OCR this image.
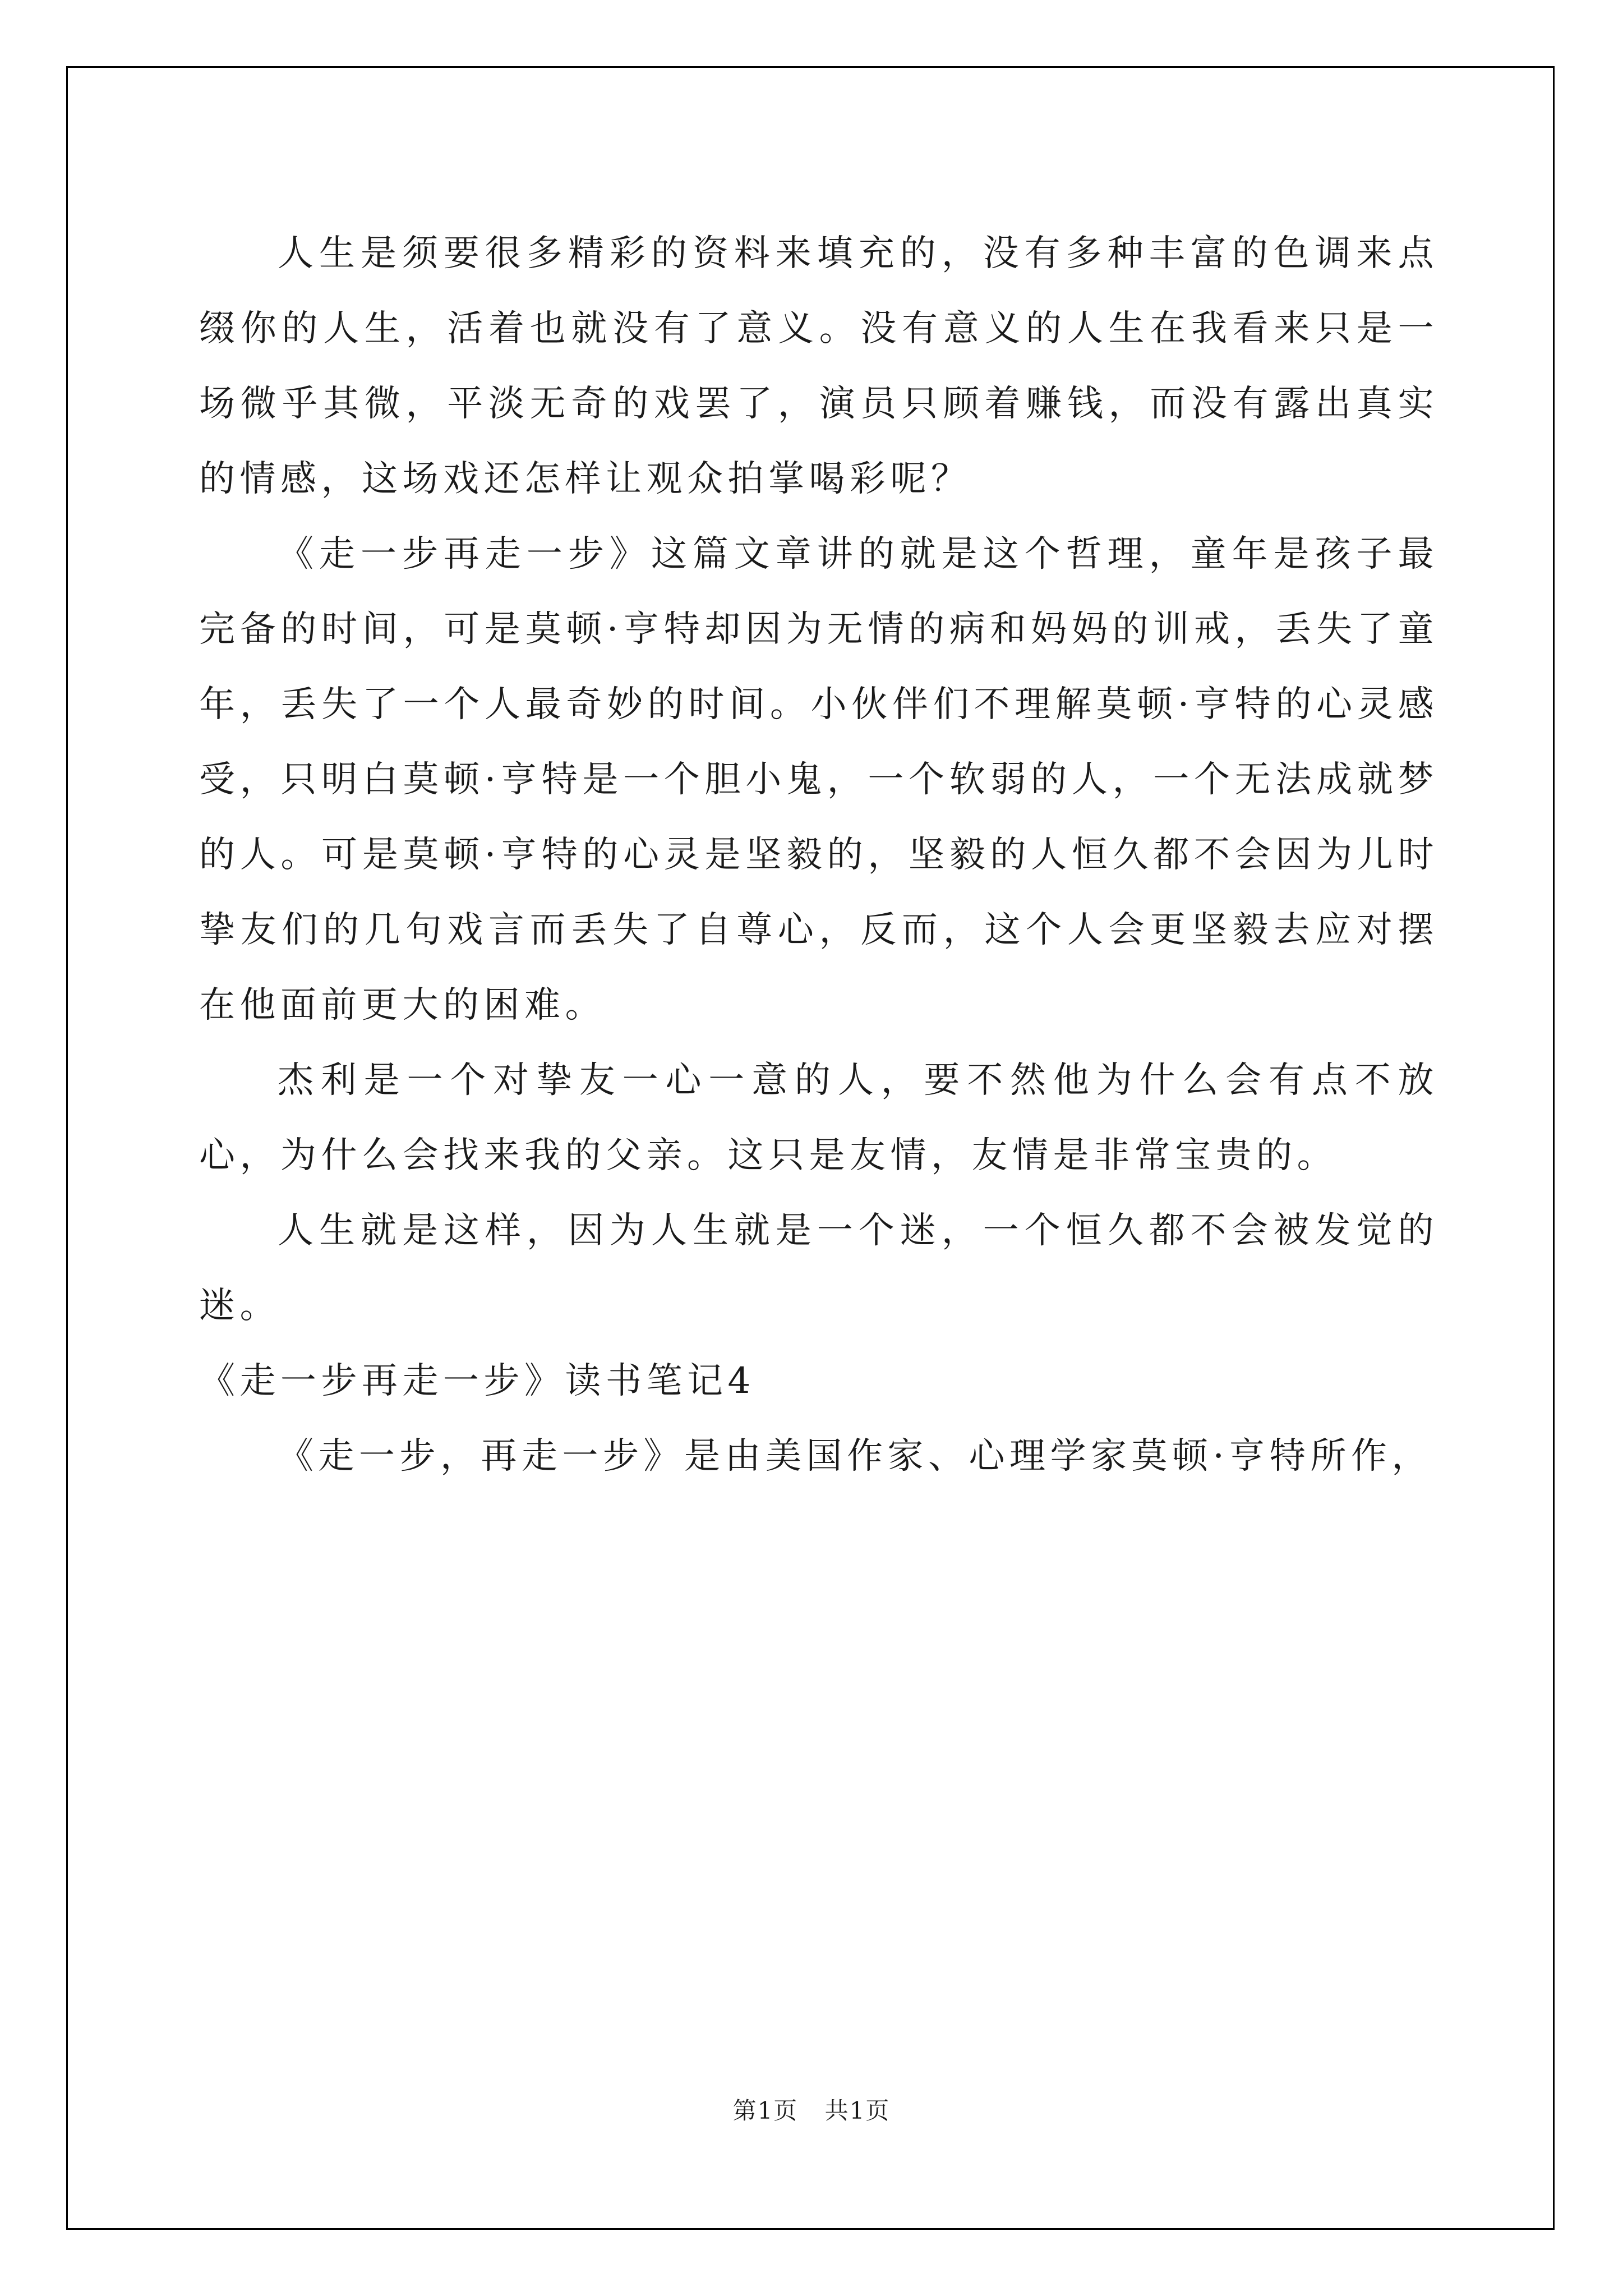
人生是须要很多精彩的资料来填充的，没有多种丰富的色调来点缀你的人生，活着也就没有了意义。没有意义的人生在我看来只是一场微乎其微，平淡无奇的戏罢了，演员只顾着赚钱，而没有露出真实的情感，这场戏还怎样让观众拍掌喝彩呢？

《走一步再走一步》这篇文章讲的就是这个哲理，童年是孩子最完备的时间，可是莫顿·亨特却因为无情的病和妈妈的训戒，丢失了童年，丢失了一个人最奇妙的时间。小伙伴们不理解莫顿·亨特的心灵感受，只明白莫顿·亨特是一个胆小鬼，一个软弱的人，一个无法成就梦的人。可是莫顿·亨特的心灵是坚毅的，坚毅的人恒久都不会因为儿时挚友们的几句戏言而丢失了自尊心，反而，这个人会更坚毅去应对摆在他面前更大的困难。

杰利是一个对挚友一心一意的人，要不然他为什么会有点不放心，为什么会找来我的父亲。这只是友情，友情是非常宝贵的。

人生就是这样，因为人生就是一个迷，一个恒久都不会被发觉的迷。

《走一步再走一步》读书笔记4

《走一步，再走一步》是由美国作家、心理学家莫顿·亨特所作，

第1页 共1页
